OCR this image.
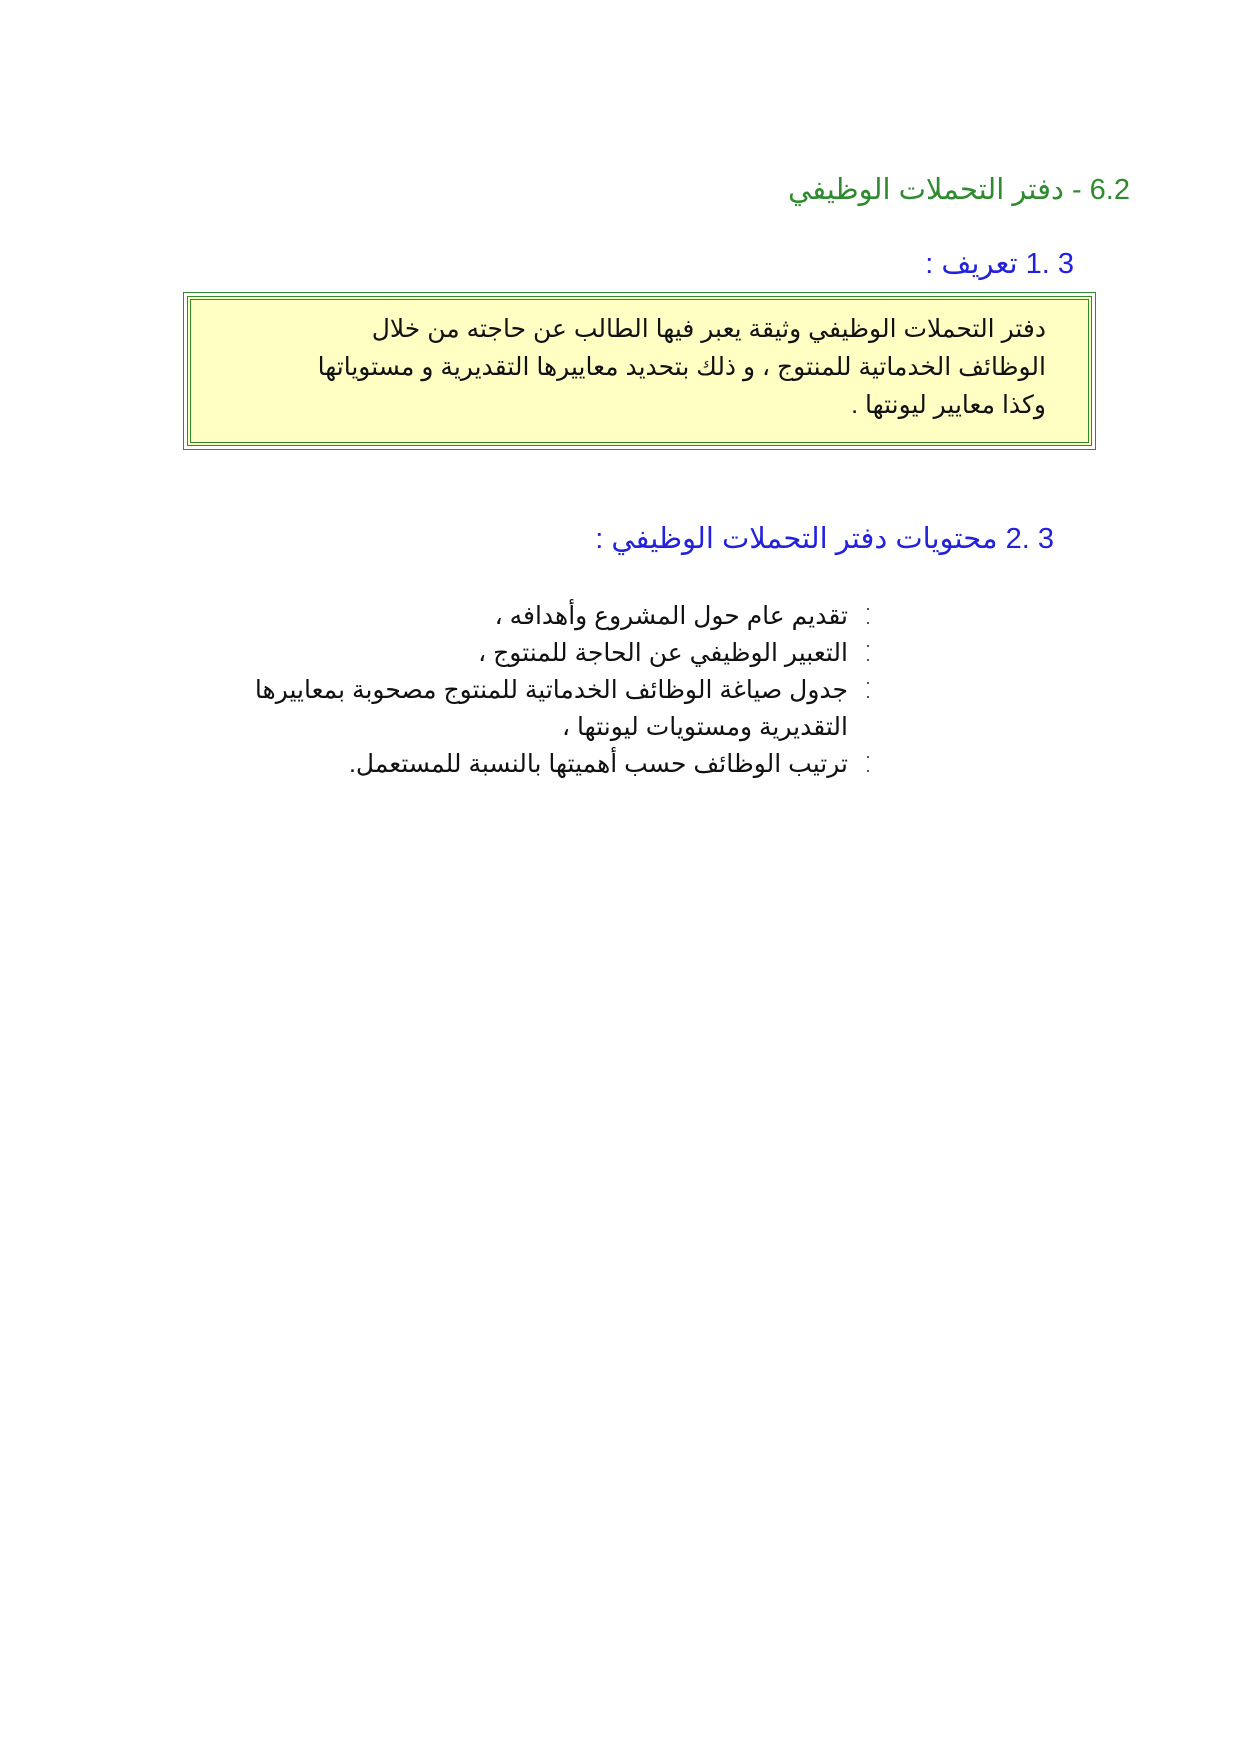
6.2 - دفتر التحملات الوظيفي
3 .1 تعريف :

دفتر التحملات الوظيفي وثيقة يعبر فيها الطالب عن حاجته من خلال
الوظائف الخدماتية للمنتوج ، و ذلك بتحديد معاييرها التقديرية و مستوياتها
وكذا معايير ليونتها .

3 .2 محتويات دفتر التحملات الوظيفي :
تقديم عام حول المشروع وأهدافه ،
التعبير الوظيفي عن الحاجة للمنتوج ،
جدول صياغة الوظائف الخدماتية للمنتوج مصحوبة بمعاييرها
التقديرية ومستويات ليونتها ،
ترتيب الوظائف حسب أهميتها بالنسبة للمستعمل.
